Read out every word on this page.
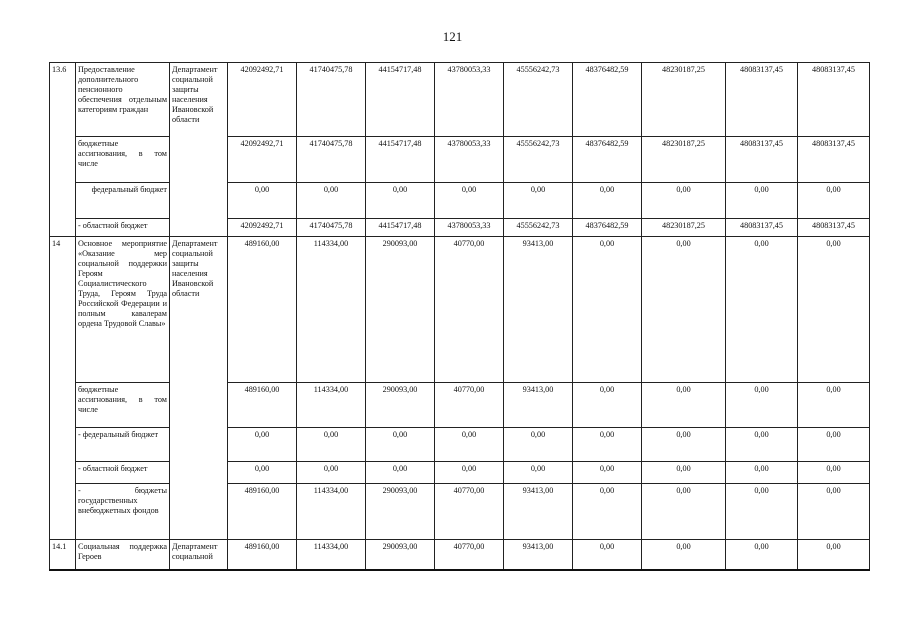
121
13.6	Предоставление дополнительного пенсионного обеспечения отдельным категориям граждан	Департамент социальной защиты населения Ивановской области	42092492,71	41740475,78	44154717,48	43780053,33	45556242,73	48376482,59	48230187,25	48083137,45	48083137,45
	бюджетные ассигнования, в том числе		42092492,71	41740475,78	44154717,48	43780053,33	45556242,73	48376482,59	48230187,25	48083137,45	48083137,45
	федеральный бюджет		0,00	0,00	0,00	0,00	0,00	0,00	0,00	0,00	0,00
	- областной бюджет		42092492,71	41740475,78	44154717,48	43780053,33	45556242,73	48376482,59	48230187,25	48083137,45	48083137,45
14	Основное мероприятие «Оказание мер социальной поддержки Героям Социалистического Труда, Героям Труда Российской Федерации и полным кавалерам ордена Трудовой Славы»	Департамент социальной защиты населения Ивановской области	489160,00	114334,00	290093,00	40770,00	93413,00	0,00	0,00	0,00	0,00
	бюджетные ассигнования, в том числе		489160,00	114334,00	290093,00	40770,00	93413,00	0,00	0,00	0,00	0,00
	- федеральный бюджет		0,00	0,00	0,00	0,00	0,00	0,00	0,00	0,00	0,00
	- областной бюджет		0,00	0,00	0,00	0,00	0,00	0,00	0,00	0,00	0,00
	- бюджеты государственных внебюджетных фондов		489160,00	114334,00	290093,00	40770,00	93413,00	0,00	0,00	0,00	0,00
14.1	Социальная поддержка Героев	Департамент социальной	489160,00	114334,00	290093,00	40770,00	93413,00	0,00	0,00	0,00	0,00
